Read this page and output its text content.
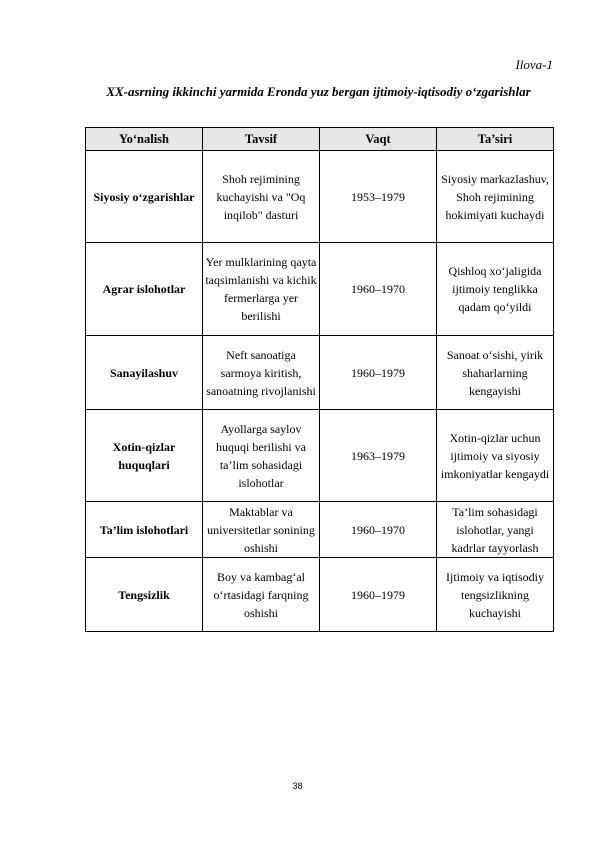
Ilova-1
XX-asrning ikkinchi yarmida Eronda yuz bergan ijtimoiy-iqtisodiy o‘zgarishlar
Yo‘nalish	Tavsif	Vaqt	Ta’siri
Siyosiy o‘zgarishlar	Shoh rejimining kuchayishi va "Oq inqilob" dasturi	1953–1979	Siyosiy markazlashuv, Shoh rejimining hokimiyati kuchaydi
Agrar islohotlar	Yer mulklarining qayta taqsimlanishi va kichik fermerlarga yer berilishi	1960–1970	Qishloq xo‘jaligida ijtimoiy tenglikka qadam qo‘yildi
Sanayilashuv	Neft sanoatiga sarmoya kiritish, sanoatning rivojlanishi	1960–1979	Sanoat o‘sishi, yirik shaharlarning kengayishi
Xotin-qizlar huquqlari	Ayollarga saylov huquqi berilishi va ta’lim sohasidagi islohotlar	1963–1979	Xotin-qizlar uchun ijtimoiy va siyosiy imkoniyatlar kengaydi
Ta’lim islohotlari	Maktablar va universitetlar sonining oshishi	1960–1970	Ta’lim sohasidagi islohotlar, yangi kadrlar tayyorlash
Tengsizlik	Boy va kambag‘al o‘rtasidagi farqning oshishi	1960–1979	Ijtimoiy va iqtisodiy tengsizlikning kuchayishi
38
